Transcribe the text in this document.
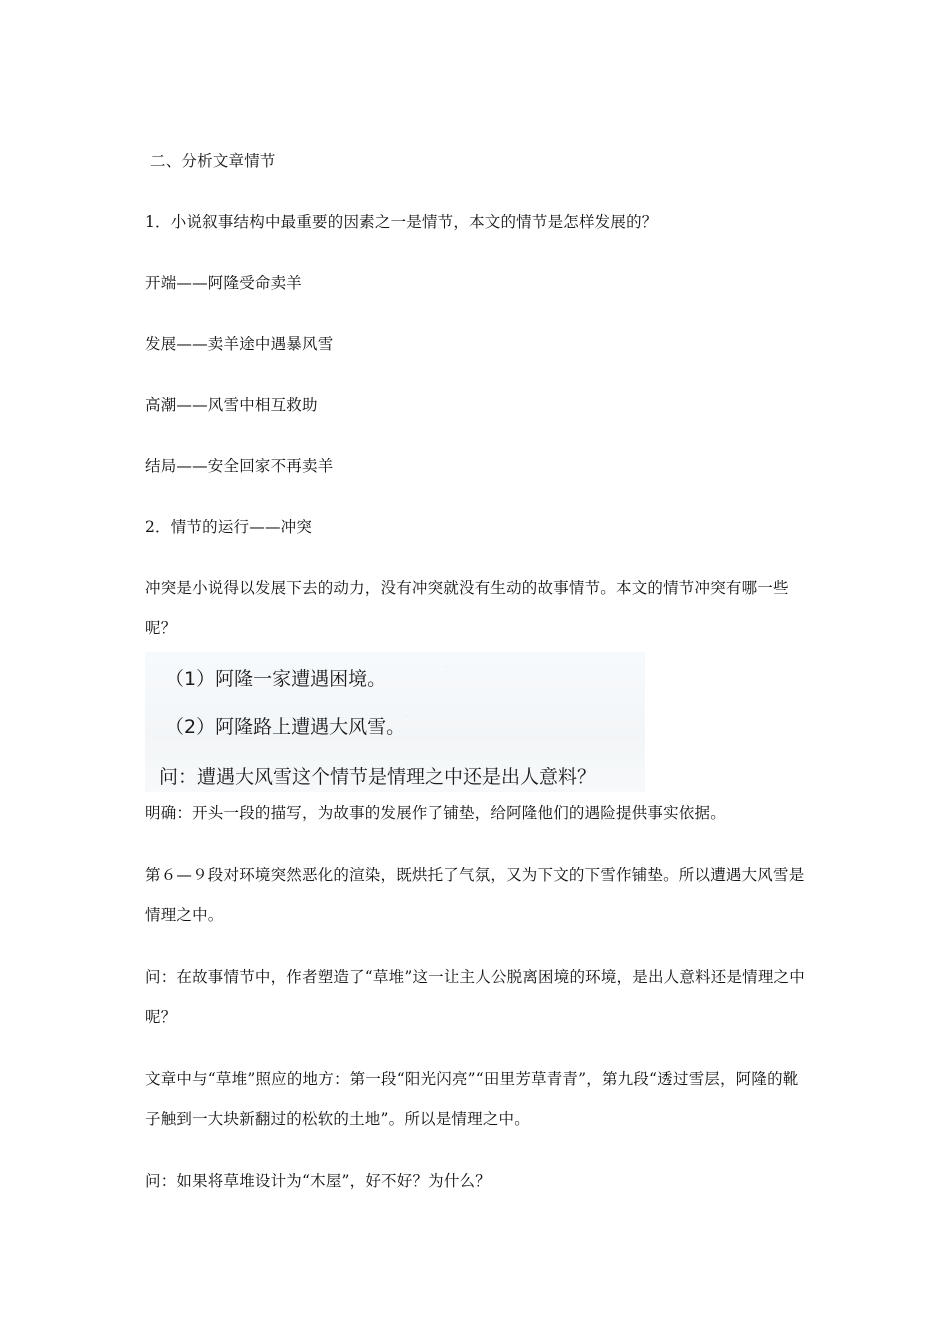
二、分析文章情节
1．小说叙事结构中最重要的因素之一是情节，本文的情节是怎样发展的？
开端——阿隆受命卖羊
发展——卖羊途中遇暴风雪
高潮——风雪中相互救助
结局——安全回家不再卖羊
2．情节的运行——冲突
冲突是小说得以发展下去的动力，没有冲突就没有生动的故事情节。本文的情节冲突有哪一些呢？
·
·
（1）阿隆一家遭遇困境。
（2）阿隆路上遭遇大风雪。
问：遭遇大风雪这个情节是情理之中还是出人意料？
明确：开头一段的描写，为故事的发展作了铺垫，给阿隆他们的遇险提供事实依据。
第６—９段对环境突然恶化的渲染，既烘托了气氛，又为下文的下雪作铺垫。所以遭遇大风雪是情理之中。
问：在故事情节中，作者塑造了“草堆”这一让主人公脱离困境的环境，是出人意料还是情理之中呢？
文章中与“草堆”照应的地方：第一段“阳光闪亮”“田里芳草青青”，第九段“透过雪层，阿隆的靴子触到一大块新翻过的松软的土地”。所以是情理之中。
问：如果将草堆设计为“木屋”，好不好？为什么？
